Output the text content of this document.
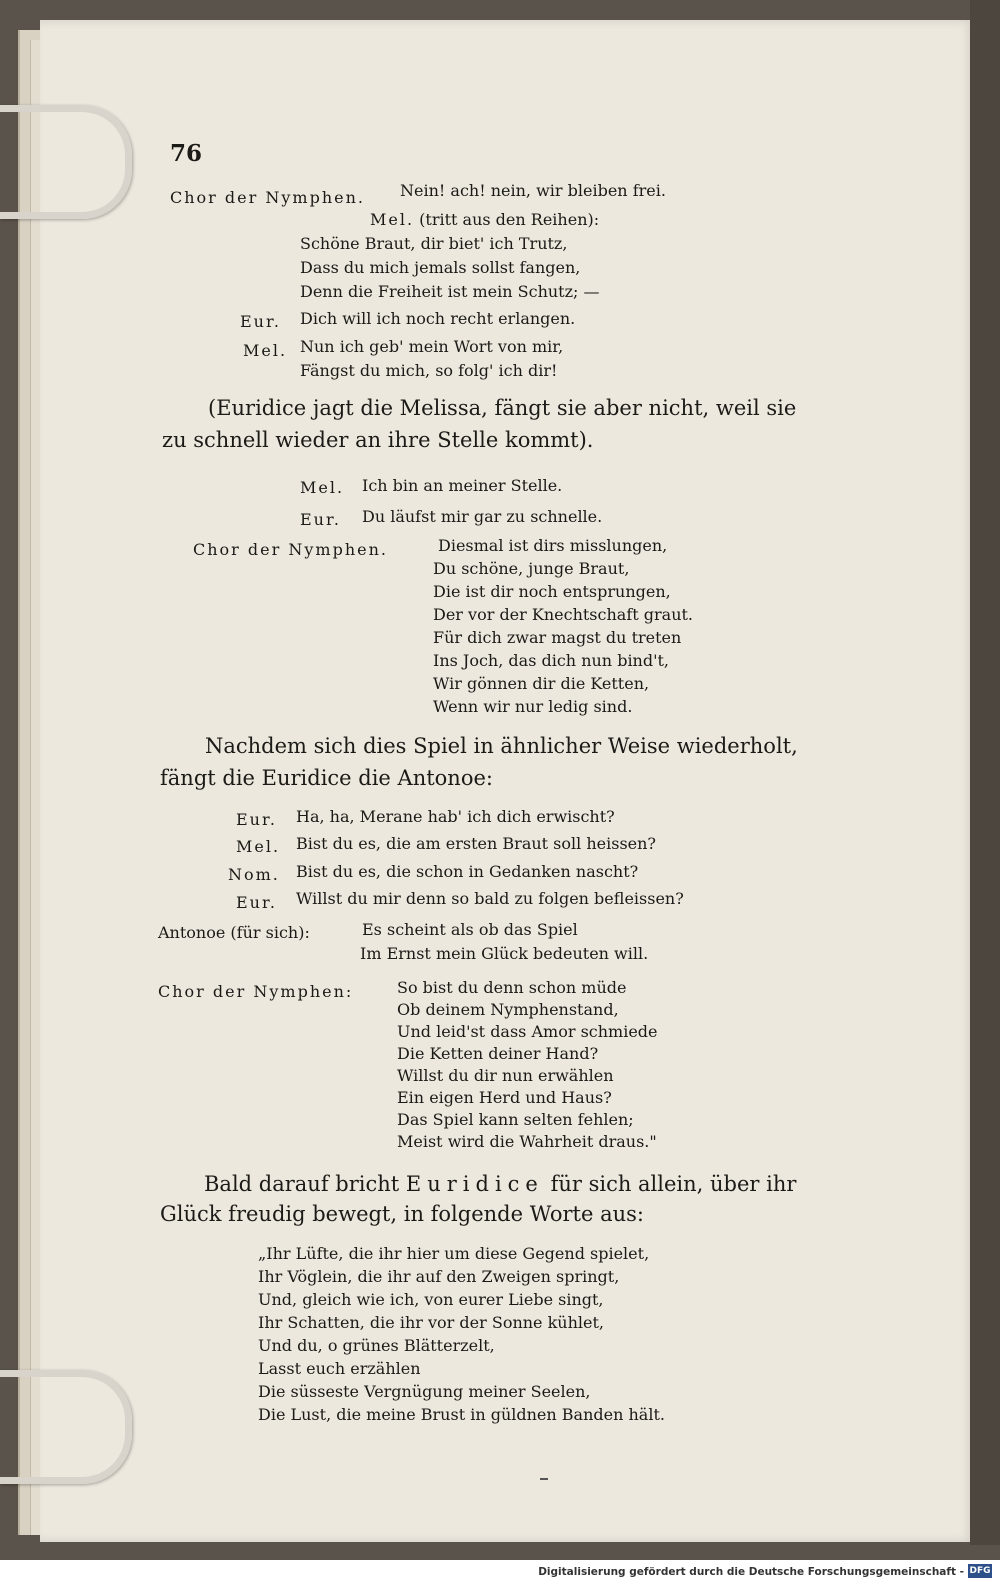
76
Chor der Nymphen. Nein! ach! nein, wir bleiben frei.
Mel. (tritt aus den Reihen):
Schöne Braut, dir biet' ich Trutz,
Dass du mich jemals sollst fangen,
Denn die Freiheit ist mein Schutz; —
Eur. Dich will ich noch recht erlangen.
Mel. Nun ich geb' mein Wort von mir,
Fängst du mich, so folg' ich dir!
(Euridice jagt die Melissa, fängt sie aber nicht, weil sie
zu schnell wieder an ihre Stelle kommt).
Mel. Ich bin an meiner Stelle.
Eur. Du läufst mir gar zu schnelle.
Chor der Nymphen.	Diesmal ist dirs misslungen,
Du schöne, junge Braut,
Die ist dir noch entsprungen,
Der vor der Knechtschaft graut.
Für dich zwar magst du treten
Ins Joch, das dich nun bind't,
Wir gönnen dir die Ketten,
Wenn wir nur ledig sind.
Nachdem sich dies Spiel in ähnlicher Weise wiederholt,
fängt die Euridice die Antonoe:
Eur. Ha, ha, Merane hab' ich dich erwischt?
Mel. Bist du es, die am ersten Braut soll heissen?
Nom. Bist du es, die schon in Gedanken nascht?
Eur. Willst du mir denn so bald zu folgen befleissen?
Antonoe (für sich):	Es scheint als ob das Spiel
Im Ernst mein Glück bedeuten will.
Chor der Nymphen:	So bist du denn schon müde
Ob deinem Nymphenstand,
Und leid'st dass Amor schmiede
Die Ketten deiner Hand?
Willst du dir nun erwählen
Ein eigen Herd und Haus?
Das Spiel kann selten fehlen;
Meist wird die Wahrheit draus."
Bald darauf bricht Euridice für sich allein, über ihr
Glück freudig bewegt, in folgende Worte aus:
„Ihr Lüfte, die ihr hier um diese Gegend spielet,
Ihr Vöglein, die ihr auf den Zweigen springt,
Und, gleich wie ich, von eurer Liebe singt,
Ihr Schatten, die ihr vor der Sonne kühlet,
Und du, o grünes Blätterzelt,
Lasst euch erzählen
Die süsseste Vergnügung meiner Seelen,
Die Lust, die meine Brust in güldnen Banden hält.
Digitalisierung gefördert durch die Deutsche Forschungsgemeinschaft - DFG
